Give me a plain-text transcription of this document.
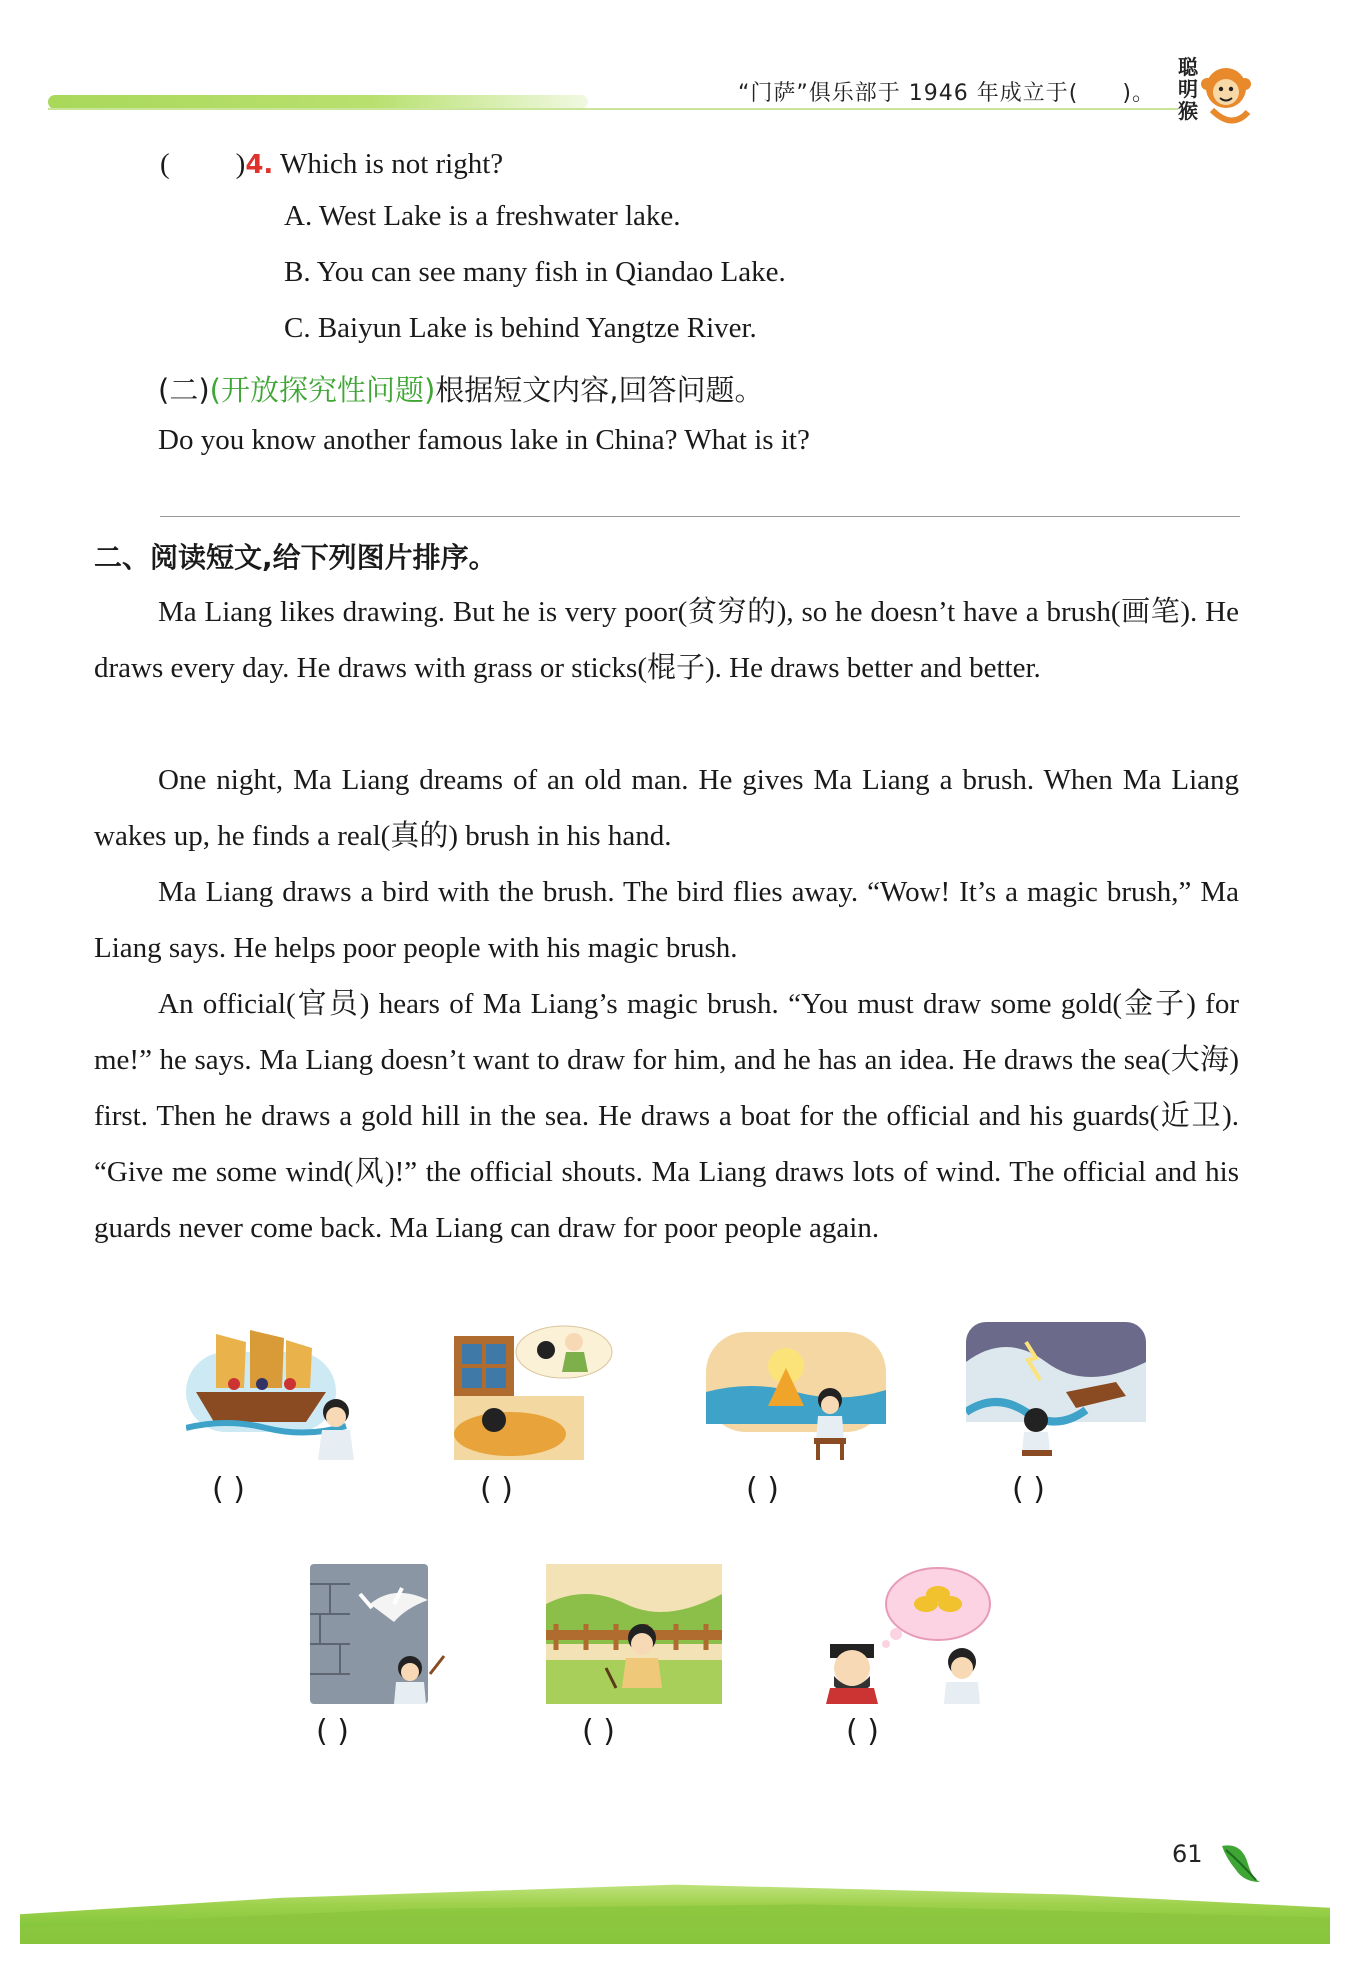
“门萨”俱乐部于 1946 年成立于( )。
聪明猴
( )4. Which is not right?
A. West Lake is a freshwater lake.
B. You can see many fish in Qiandao Lake.
C. Baiyun Lake is behind Yangtze River.
(二)(开放探究性问题)根据短文内容,回答问题。
Do you know another famous lake in China? What is it?
二、阅读短文,给下列图片排序。
Ma Liang likes drawing. But he is very poor(贫穷的), so he doesn’t have a brush(画笔). He draws every day. He draws with grass or sticks(棍子). He draws better and better.
One night, Ma Liang dreams of an old man. He gives Ma Liang a brush. When Ma Liang wakes up, he finds a real(真的) brush in his hand.
Ma Liang draws a bird with the brush. The bird flies away. “Wow! It’s a magic brush,” Ma Liang says. He helps poor people with his magic brush.
An official(官员) hears of Ma Liang’s magic brush. “You must draw some gold(金子) for me!” he says. Ma Liang doesn’t want to draw for him, and he has an idea. He draws the sea(大海) first. Then he draws a gold hill in the sea. He draws a boat for the official and his guards(近卫). “Give me some wind(风)!” the official shouts. Ma Liang draws lots of wind. The official and his guards never come back. Ma Liang can draw for poor people again.
( )	( )	( )	( )
( )	( )	( )
61
